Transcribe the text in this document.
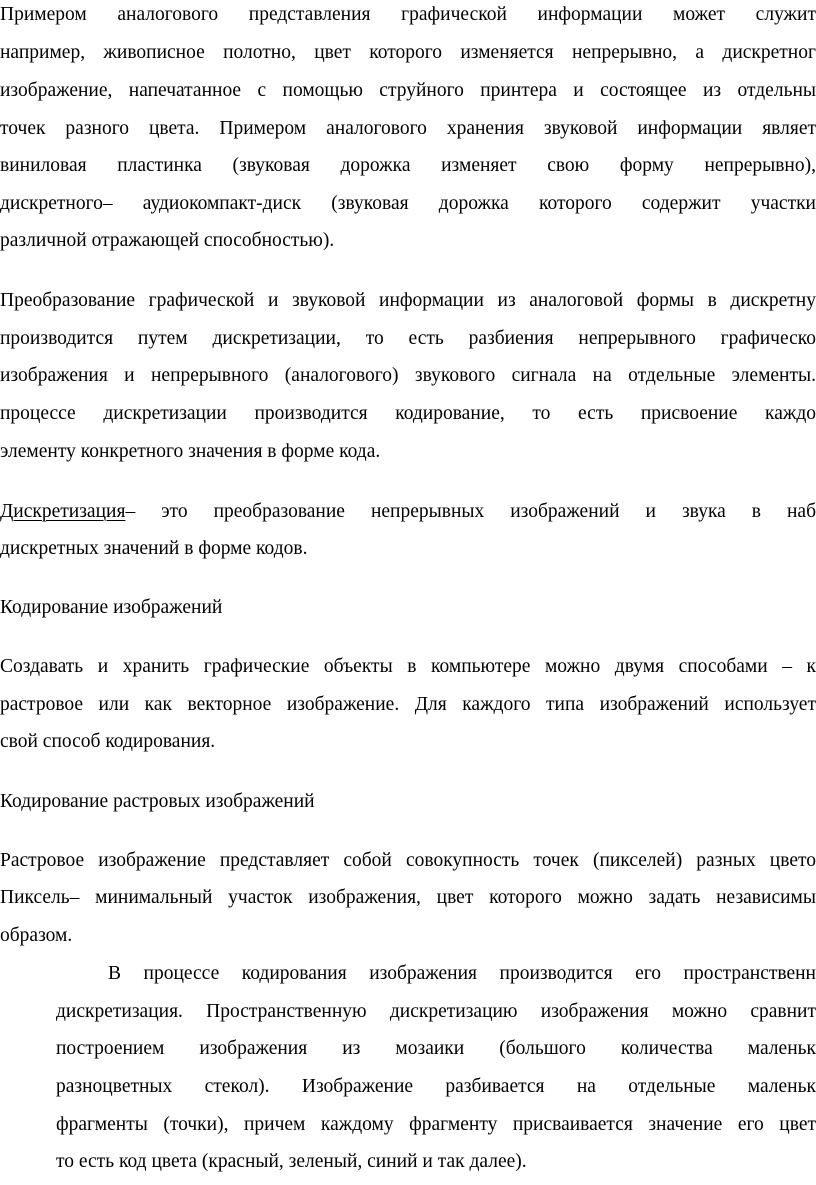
Примером аналогового представления графической информации может служит
например, живописное полотно, цвет которого изменяется непрерывно, а дискретног
изображение, напечатанное с помощью струйного принтера и состоящее из отдельны
точек разного цвета. Примером аналогового хранения звуковой информации являет
виниловая пластинка (звуковая дорожка изменяет свою форму непрерывно),
дискретного– аудиокомпакт-диск (звуковая дорожка которого содержит участки
различной отражающей способностью).
Преобразование графической и звуковой информации из аналоговой формы в дискретну
производится путем дискретизации, то есть разбиения непрерывного графическо
изображения и непрерывного (аналогового) звукового сигнала на отдельные элементы.
процессе дискретизации производится кодирование, то есть присвоение каждо
элементу конкретного значения в форме кода.
Дискретизация– это преобразование непрерывных изображений и звука в наб
дискретных значений в форме кодов.
Кодирование изображений
Создавать и хранить графические объекты в компьютере можно двумя способами – к
растровое или как векторное изображение. Для каждого типа изображений использует
свой способ кодирования.
Кодирование растровых изображений
Растровое изображение представляет собой совокупность точек (пикселей) разных цвето
Пиксель– минимальный участок изображения, цвет которого можно задать независимы
образом.
В процессе кодирования изображения производится его пространственн
дискретизация. Пространственную дискретизацию изображения можно сравнит
построением изображения из мозаики (большого количества маленьк
разноцветных стекол). Изображение разбивается на отдельные маленьк
фрагменты (точки), причем каждому фрагменту присваивается значение его цвет
то есть код цвета (красный, зеленый, синий и так далее).
